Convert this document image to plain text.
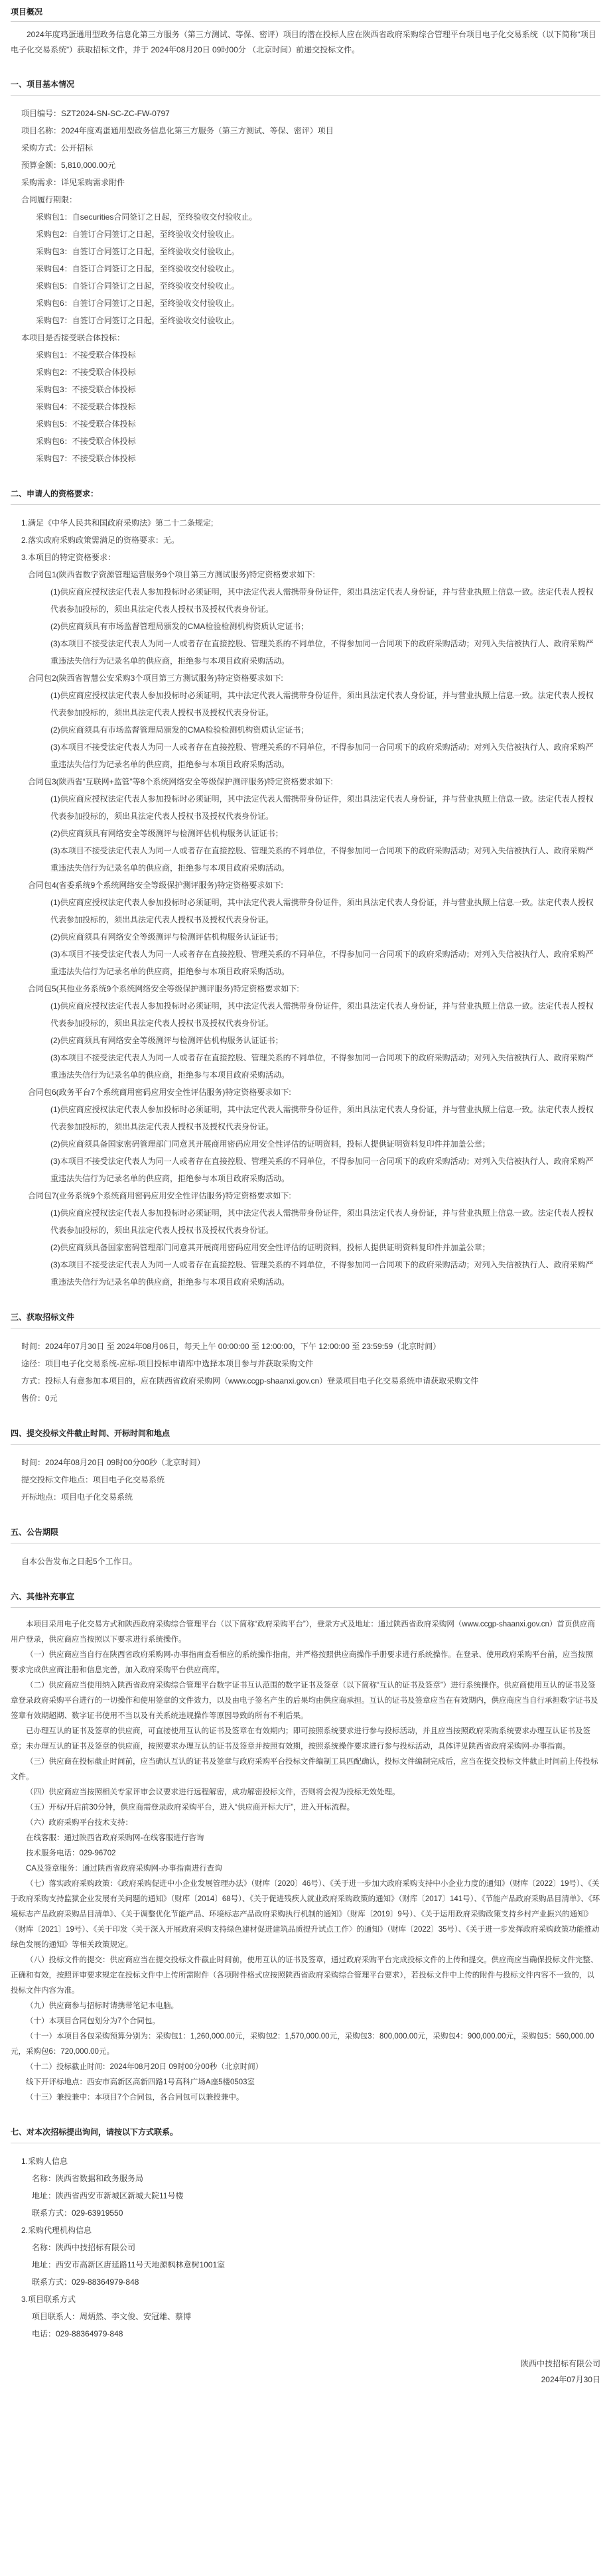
项目概况

2024年度鸡蛋通用型政务信息化第三方服务（第三方测试、等保、密评）项目的潜在投标人应在陕西省政府采购综合管理平台项目电子化交易系统（以下简称“项目电子化交易系统”）获取招标文件，并于 2024年08月20日 09时00分 （北京时间）前递交投标文件。

一、项目基本情况
项目编号：SZT2024-SN-SC-ZC-FW-0797
项目名称：2024年度鸡蛋通用型政务信息化第三方服务（第三方测试、等保、密评）项目
采购方式：公开招标
预算金额：5,810,000.00元
采购需求：详见采购需求附件
合同履行期限：
采购包1：自securities合同签订之日起，至终验收交付验收止。
采购包2：自签订合同签订之日起，至终验收交付验收止。
采购包3：自签订合同签订之日起，至终验收交付验收止。
采购包4：自签订合同签订之日起，至终验收交付验收止。
采购包5：自签订合同签订之日起，至终验收交付验收止。
采购包6：自签订合同签订之日起，至终验收交付验收止。
采购包7：自签订合同签订之日起，至终验收交付验收止。
本项目是否接受联合体投标：
采购包1：不接受联合体投标
采购包2：不接受联合体投标
采购包3：不接受联合体投标
采购包4：不接受联合体投标
采购包5：不接受联合体投标
采购包6：不接受联合体投标
采购包7：不接受联合体投标
二、申请人的资格要求：
1.满足《中华人民共和国政府采购法》第二十二条规定;
2.落实政府采购政策需满足的资格要求：无。
3.本项目的特定资格要求：
合同包1(陕西省数字资源管理运营服务9个项目第三方测试服务)特定资格要求如下:
(1)供应商应授权法定代表人参加投标时必须证明，其中法定代表人需携带身份证件，须出具法定代表人身份证，并与营业执照上信息一致。法定代表人授权代表参加投标的，须出具法定代表人授权书及授权代表身份证。
(2)供应商须具有市场监督管理局颁发的CMA检验检测机构资质认定证书；
(3)本项目不接受法定代表人为同一人或者存在直接控股、管理关系的不同单位，不得参加同一合同项下的政府采购活动；对列入失信被执行人、政府采购严重违法失信行为记录名单的供应商，拒绝参与本项目政府采购活动。
合同包2(陕西省智慧公安采购3个项目第三方测试服务)特定资格要求如下:
(1)供应商应授权法定代表人参加投标时必须证明，其中法定代表人需携带身份证件，须出具法定代表人身份证，并与营业执照上信息一致。法定代表人授权代表参加投标的，须出具法定代表人授权书及授权代表身份证。
(2)供应商须具有市场监督管理局颁发的CMA检验检测机构资质认定证书；
(3)本项目不接受法定代表人为同一人或者存在直接控股、管理关系的不同单位，不得参加同一合同项下的政府采购活动；对列入失信被执行人、政府采购严重违法失信行为记录名单的供应商，拒绝参与本项目政府采购活动。
合同包3(陕西省“互联网+监管”等8个系统网络安全等级保护测评服务)特定资格要求如下:
(1)供应商应授权法定代表人参加投标时必须证明，其中法定代表人需携带身份证件，须出具法定代表人身份证，并与营业执照上信息一致。法定代表人授权代表参加投标的，须出具法定代表人授权书及授权代表身份证。
(2)供应商须具有网络安全等级测评与检测评估机构服务认证证书；
(3)本项目不接受法定代表人为同一人或者存在直接控股、管理关系的不同单位，不得参加同一合同项下的政府采购活动；对列入失信被执行人、政府采购严重违法失信行为记录名单的供应商，拒绝参与本项目政府采购活动。
合同包4(省委系统9个系统网络安全等级保护测评服务)特定资格要求如下:
(1)供应商应授权法定代表人参加投标时必须证明，其中法定代表人需携带身份证件，须出具法定代表人身份证，并与营业执照上信息一致。法定代表人授权代表参加投标的，须出具法定代表人授权书及授权代表身份证。
(2)供应商须具有网络安全等级测评与检测评估机构服务认证证书；
(3)本项目不接受法定代表人为同一人或者存在直接控股、管理关系的不同单位，不得参加同一合同项下的政府采购活动；对列入失信被执行人、政府采购严重违法失信行为记录名单的供应商，拒绝参与本项目政府采购活动。
合同包5(其他业务系统9个系统网络安全等级保护测评服务)特定资格要求如下:
(1)供应商应授权法定代表人参加投标时必须证明，其中法定代表人需携带身份证件，须出具法定代表人身份证，并与营业执照上信息一致。法定代表人授权代表参加投标的，须出具法定代表人授权书及授权代表身份证。
(2)供应商须具有网络安全等级测评与检测评估机构服务认证证书；
(3)本项目不接受法定代表人为同一人或者存在直接控股、管理关系的不同单位，不得参加同一合同项下的政府采购活动；对列入失信被执行人、政府采购严重违法失信行为记录名单的供应商，拒绝参与本项目政府采购活动。
合同包6(政务平台7个系统商用密码应用安全性评估服务)特定资格要求如下:
(1)供应商应授权法定代表人参加投标时必须证明，其中法定代表人需携带身份证件，须出具法定代表人身份证，并与营业执照上信息一致。法定代表人授权代表参加投标的，须出具法定代表人授权书及授权代表身份证。
(2)供应商须具备国家密码管理部门同意其开展商用密码应用安全性评估的证明资料，投标人提供证明资料复印件并加盖公章；
(3)本项目不接受法定代表人为同一人或者存在直接控股、管理关系的不同单位，不得参加同一合同项下的政府采购活动；对列入失信被执行人、政府采购严重违法失信行为记录名单的供应商，拒绝参与本项目政府采购活动。
合同包7(业务系统9个系统商用密码应用安全性评估服务)特定资格要求如下:
(1)供应商应授权法定代表人参加投标时必须证明，其中法定代表人需携带身份证件，须出具法定代表人身份证，并与营业执照上信息一致。法定代表人授权代表参加投标的，须出具法定代表人授权书及授权代表身份证。
(2)供应商须具备国家密码管理部门同意其开展商用密码应用安全性评估的证明资料，投标人提供证明资料复印件并加盖公章；
(3)本项目不接受法定代表人为同一人或者存在直接控股、管理关系的不同单位，不得参加同一合同项下的政府采购活动；对列入失信被执行人、政府采购严重违法失信行为记录名单的供应商，拒绝参与本项目政府采购活动。
三、获取招标文件
时间：2024年07月30日 至 2024年08月06日，每天上午 00:00:00 至 12:00:00，下午 12:00:00 至 23:59:59（北京时间）
途径：项目电子化交易系统-应标-项目投标申请库中选择本项目参与并获取采购文件
方式：投标人有意参加本项目的，应在陕西省政府采购网（www.ccgp-shaanxi.gov.cn）登录项目电子化交易系统申请获取采购文件
售价：0元
四、提交投标文件截止时间、开标时间和地点
时间：2024年08月20日 09时00分00秒（北京时间）
提交投标文件地点：项目电子化交易系统
开标地点：项目电子化交易系统
五、公告期限
自本公告发布之日起5个工作日。
六、其他补充事宜

本项目采用电子化交易方式和陕西政府采购综合管理平台（以下简称“政府采购平台”），登录方式及地址：通过陕西省政府采购网（www.ccgp-shaanxi.gov.cn）首页供应商用户登录，供应商应当按照以下要求进行系统操作。

（一）供应商应当自行在陕西省政府采购网-办事指南查看相应的系统操作指南，并严格按照供应商操作手册要求进行系统操作。在登录、使用政府采购平台前，应当按照要求完成供应商注册和信息完善，加入政府采购平台供应商库。

（二）供应商应当使用纳入陕西省政府采购综合管理平台数字证书互认范围的数字证书及签章（以下简称“互认的证书及签章”）进行系统操作。供应商使用互认的证书及签章登录政府采购平台进行的一切操作和使用签章的文件效力，以及由电子签名产生的后果均由供应商承担。互认的证书及签章应当在有效期内，供应商应当自行承担数字证书及签章有效期超期、数字证书使用不当以及有关系统违规操作等原因导致的所有不利后果。

已办理互认的证书及签章的供应商，可直接使用互认的证书及签章在有效期内；即可按照系统要求进行参与投标活动，并且应当按照政府采购系统要求办理互认证书及签章；未办理互认的证书及签章的供应商，按照要求办理互认的证书及签章并按照有效期，按照系统操作要求进行参与投标活动，具体详见陕西省政府采购网-办事指南。

（三）供应商在投标截止时间前，应当确认互认的证书及签章与政府采购平台投标文件编制工具匹配确认，投标文件编制完成后，应当在提交投标文件截止时间前上传投标文件。

（四）供应商应当按照相关专家评审会议要求进行远程解密，成功解密投标文件，否则将会视为投标无效处理。

（五）开标/开启前30分钟，供应商需登录政府采购平台，进入“供应商开标大厅”，进入开标流程。

（六）政府采购平台技术支持：

在线客服：通过陕西省政府采购网-在线客服进行咨询

技术服务电话：029-96702

CA及签章服务：通过陕西省政府采购网-办事指南进行查询

（七）落实政府采购政策：《政府采购促进中小企业发展管理办法》（财库〔2020〕46号）、《关于进一步加大政府采购支持中小企业力度的通知》（财库〔2022〕19号）、《关于政府采购支持监狱企业发展有关问题的通知》（财库〔2014〕68号）、《关于促进残疾人就业政府采购政策的通知》（财库〔2017〕141号）、《节能产品政府采购品目清单》、《环境标志产品政府采购品目清单》、《关于调整优化节能产品、环境标志产品政府采购执行机制的通知》（财库〔2019〕9号）、《关于运用政府采购政策支持乡村产业振兴的通知》（财库〔2021〕19号）、《关于印发〈关于深入开展政府采购支持绿色建材促进建筑品质提升试点工作〉的通知》（财库〔2022〕35号）、《关于进一步发挥政府采购政策功能推动绿色发展的通知》等相关政策规定。

（八）投标文件的提交：供应商应当在提交投标文件截止时间前，使用互认的证书及签章，通过政府采购平台完成投标文件的上传和提交。供应商应当确保投标文件完整、正确和有效，按照评审要求规定在投标文件中上传所需附件（各项附件格式应按照陕西省政府采购综合管理平台要求），若投标文件中上传的附件与投标文件内容不一致的，以投标文件内容为准。

（九）供应商参与招标时请携带笔记本电脑。

（十）本项目合同包划分为7个合同包。

（十一）本项目各包采购预算分别为：采购包1：1,260,000.00元，采购包2：1,570,000.00元，采购包3：800,000.00元，采购包4：900,000.00元，采购包5：560,000.00元，采购包6：720,000.00元。

（十二）投标截止时间：2024年08月20日 09时00分00秒（北京时间）

线下开评标地点：西安市高新区高新四路1号高科广场A座5楼0503室

（十三）兼投兼中：本项目7个合同包，各合同包可以兼投兼中。

七、对本次招标提出询问，请按以下方式联系。
1.采购人信息
名称：陕西省数据和政务服务局
地址：陕西省西安市新城区新城大院11号楼
联系方式：029-63919550
2.采购代理机构信息
名称：陕西中技招标有限公司
地址：西安市高新区唐延路11号天地源枫林意树1001室
联系方式：029-88364979-848
3.项目联系方式
项目联系人：周炳然、李文俊、安冠雄、蔡博
电话：029-88364979-848
陕西中技招标有限公司
2024年07月30日
